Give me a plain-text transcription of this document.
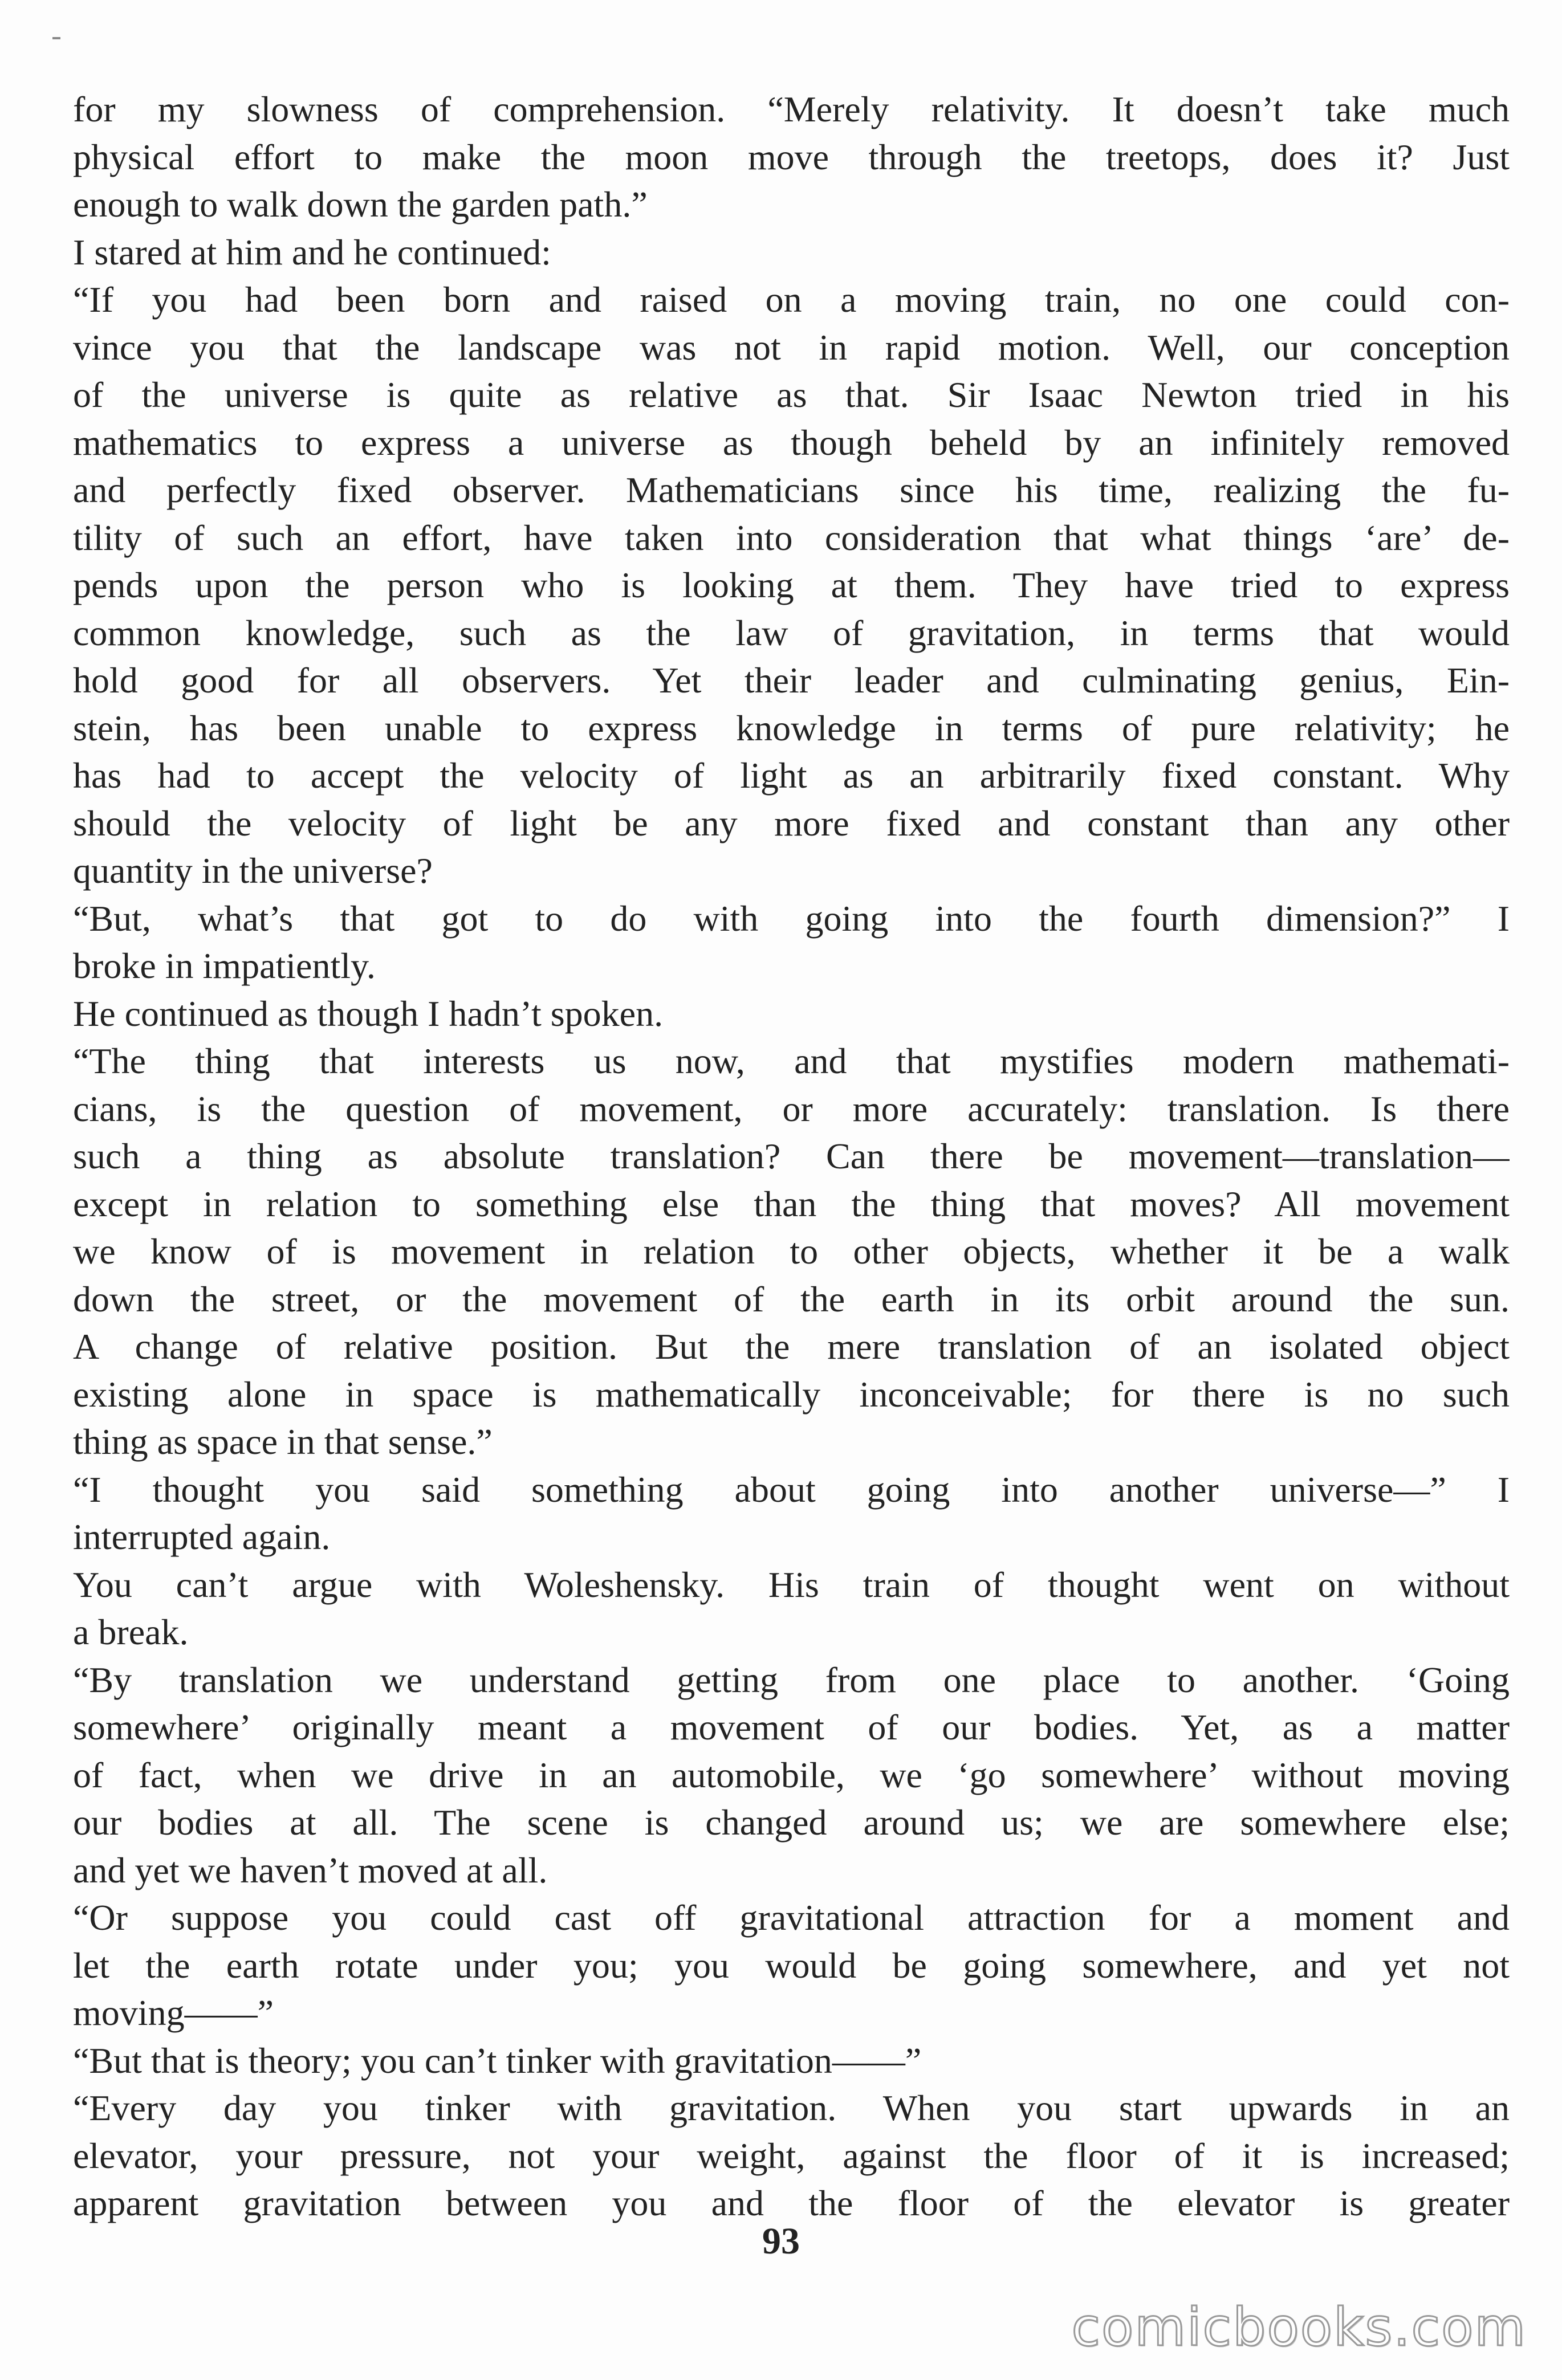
for my slowness of comprehension. “Merely relativity. It doesn’t take much
physical effort to make the moon move through the treetops, does it? Just
enough to walk down the garden path.”
I stared at him and he continued:
“If you had been born and raised on a moving train, no one could con-
vince you that the landscape was not in rapid motion. Well, our conception
of the universe is quite as relative as that. Sir Isaac Newton tried in his
mathematics to express a universe as though beheld by an infinitely removed
and perfectly fixed observer. Mathematicians since his time, realizing the fu-
tility of such an effort, have taken into consideration that what things ‘are’ de-
pends upon the person who is looking at them. They have tried to express
common knowledge, such as the law of gravitation, in terms that would
hold good for all observers. Yet their leader and culminating genius, Ein-
stein, has been unable to express knowledge in terms of pure relativity; he
has had to accept the velocity of light as an arbitrarily fixed constant. Why
should the velocity of light be any more fixed and constant than any other
quantity in the universe?
“But, what’s that got to do with going into the fourth dimension?” I
broke in impatiently.
He continued as though I hadn’t spoken.
“The thing that interests us now, and that mystifies modern mathemati-
cians, is the question of movement, or more accurately: translation. Is there
such a thing as absolute translation? Can there be movement—translation—
except in relation to something else than the thing that moves? All movement
we know of is movement in relation to other objects, whether it be a walk
down the street, or the movement of the earth in its orbit around the sun.
A change of relative position. But the mere translation of an isolated object
existing alone in space is mathematically inconceivable; for there is no such
thing as space in that sense.”
“I thought you said something about going into another universe—” I
interrupted again.
You can’t argue with Woleshensky. His train of thought went on without
a break.
“By translation we understand getting from one place to another. ‘Going
somewhere’ originally meant a movement of our bodies. Yet, as a matter
of fact, when we drive in an automobile, we ‘go somewhere’ without moving
our bodies at all. The scene is changed around us; we are somewhere else;
and yet we haven’t moved at all.
“Or suppose you could cast off gravitational attraction for a moment and
let the earth rotate under you; you would be going somewhere, and yet not
moving——”
“But that is theory; you can’t tinker with gravitation——”
“Every day you tinker with gravitation. When you start upwards in an
elevator, your pressure, not your weight, against the floor of it is increased;
apparent gravitation between you and the floor of the elevator is greater
93
comicbooks.com
